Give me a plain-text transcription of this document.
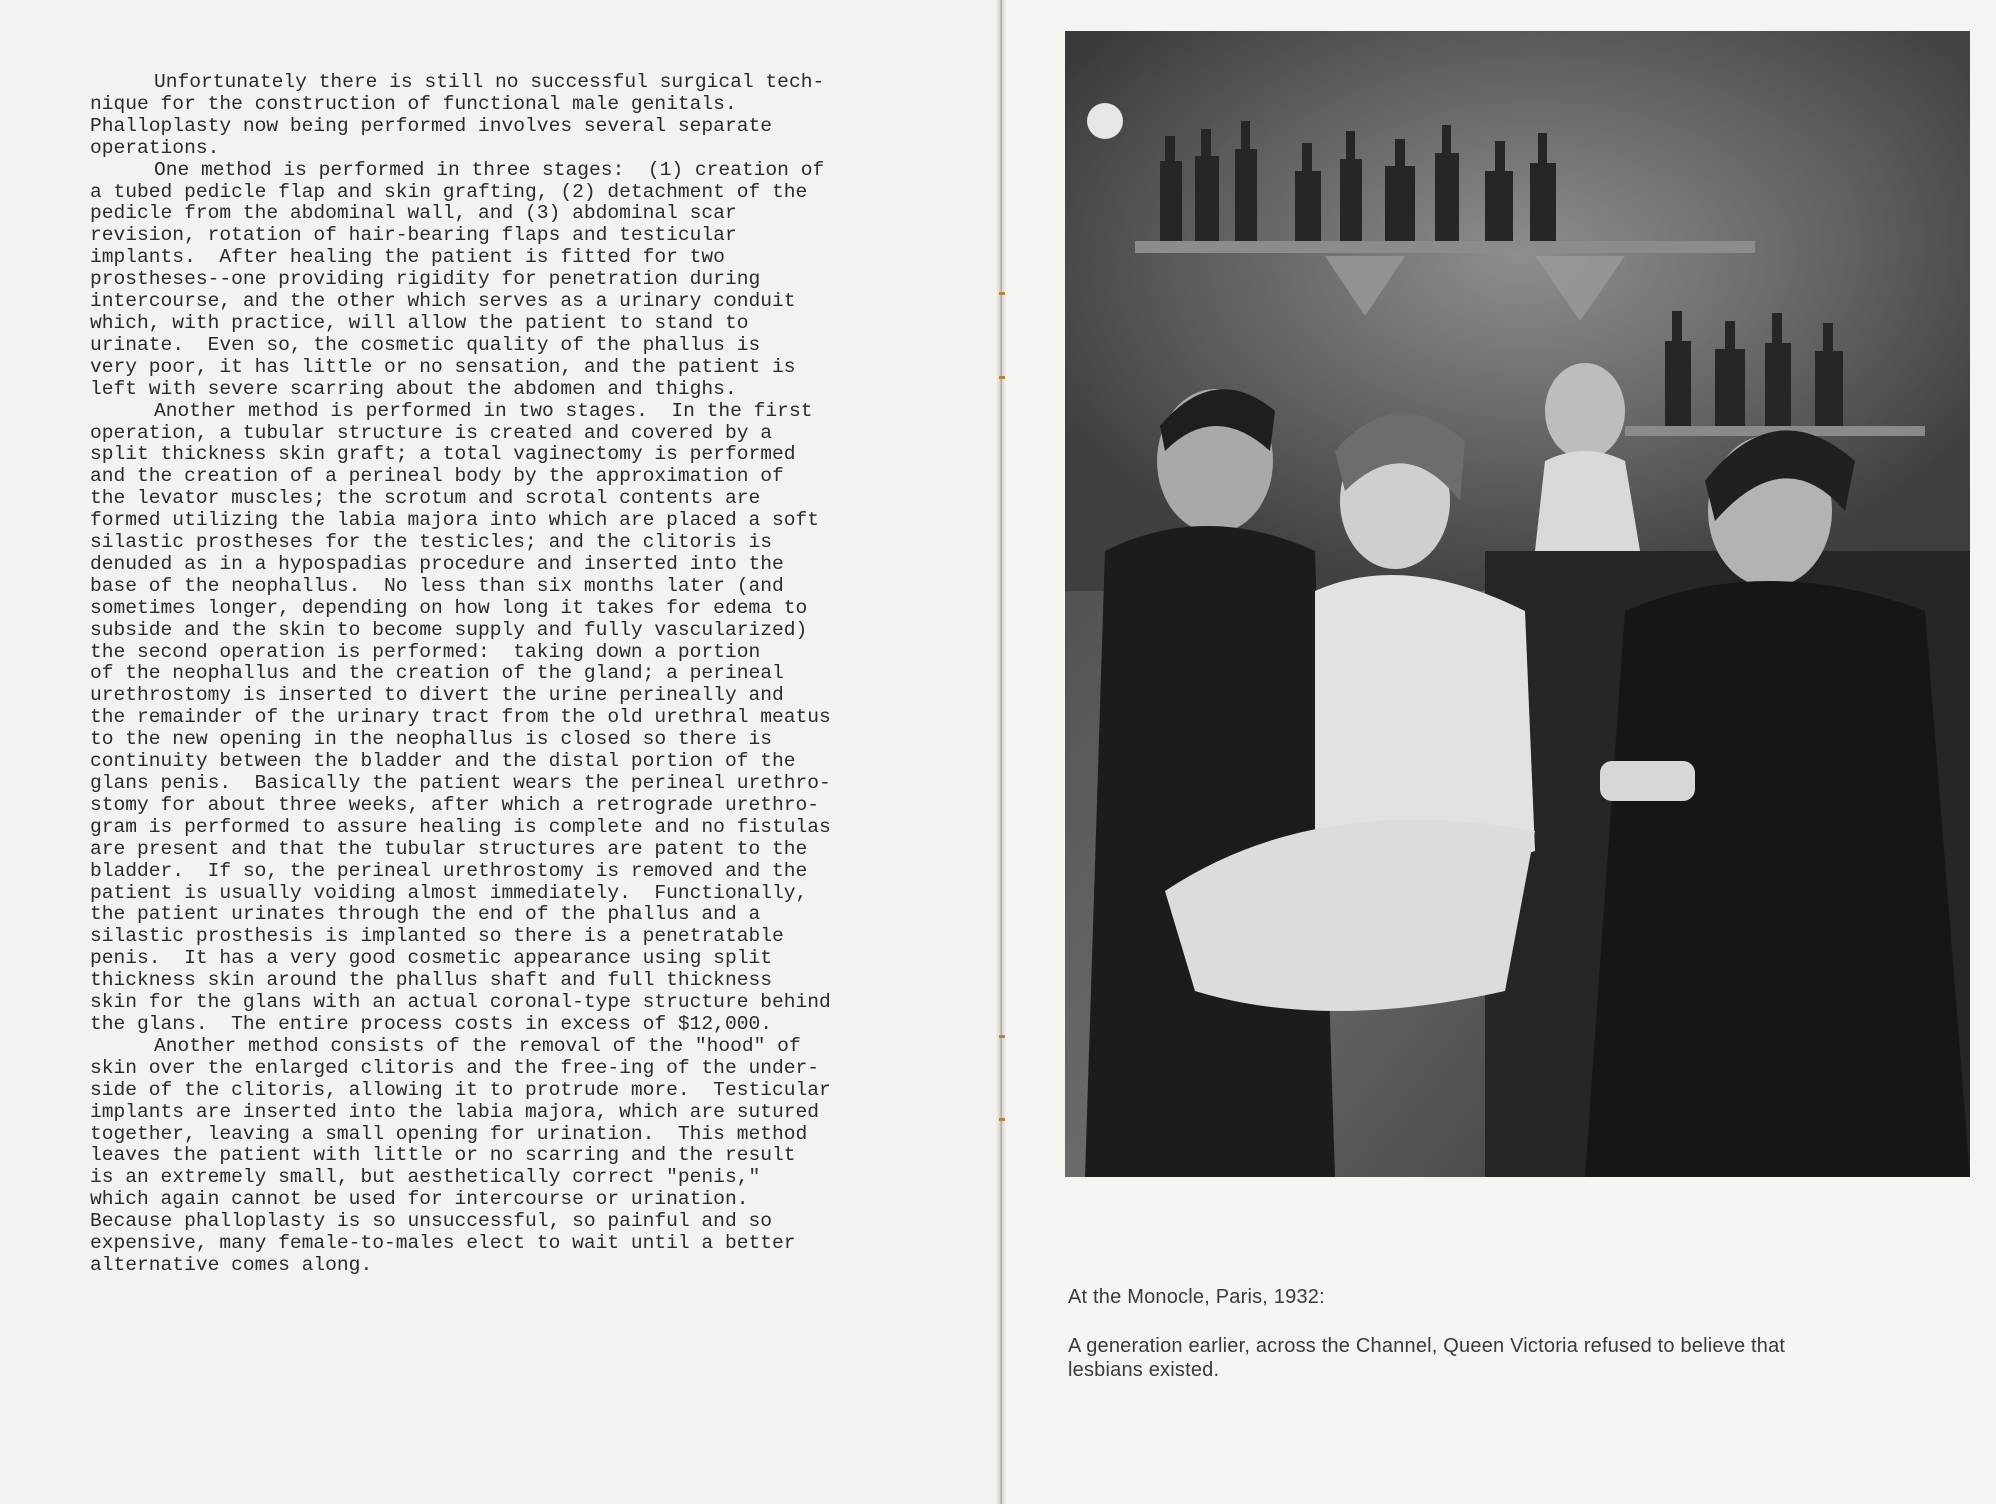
Unfortunately there is still no successful surgical tech-
nique for the construction of functional male genitals.
Phalloplasty now being performed involves several separate
operations.

One method is performed in three stages:  (1) creation of
a tubed pedicle flap and skin grafting, (2) detachment of the
pedicle from the abdominal wall, and (3) abdominal scar
revision, rotation of hair-bearing flaps and testicular
implants.  After healing the patient is fitted for two
prostheses--one providing rigidity for penetration during
intercourse, and the other which serves as a urinary conduit
which, with practice, will allow the patient to stand to
urinate.  Even so, the cosmetic quality of the phallus is
very poor, it has little or no sensation, and the patient is
left with severe scarring about the abdomen and thighs.

Another method is performed in two stages.  In the first
operation, a tubular structure is created and covered by a
split thickness skin graft; a total vaginectomy is performed
and the creation of a perineal body by the approximation of
the levator muscles; the scrotum and scrotal contents are
formed utilizing the labia majora into which are placed a soft
silastic prostheses for the testicles; and the clitoris is
denuded as in a hypospadias procedure and inserted into the
base of the neophallus.  No less than six months later (and
sometimes longer, depending on how long it takes for edema to
subside and the skin to become supply and fully vascularized)
the second operation is performed:  taking down a portion
of the neophallus and the creation of the gland; a perineal
urethrostomy is inserted to divert the urine perineally and
the remainder of the urinary tract from the old urethral meatus
to the new opening in the neophallus is closed so there is
continuity between the bladder and the distal portion of the
glans penis.  Basically the patient wears the perineal urethro-
stomy for about three weeks, after which a retrograde urethro-
gram is performed to assure healing is complete and no fistulas
are present and that the tubular structures are patent to the
bladder.  If so, the perineal urethrostomy is removed and the
patient is usually voiding almost immediately.  Functionally,
the patient urinates through the end of the phallus and a
silastic prosthesis is implanted so there is a penetratable
penis.  It has a very good cosmetic appearance using split
thickness skin around the phallus shaft and full thickness
skin for the glans with an actual coronal-type structure behind
the glans.  The entire process costs in excess of $12,000.

Another method consists of the removal of the "hood" of
skin over the enlarged clitoris and the free-ing of the under-
side of the clitoris, allowing it to protrude more.  Testicular
implants are inserted into the labia majora, which are sutured
together, leaving a small opening for urination.  This method
leaves the patient with little or no scarring and the result
is an extremely small, but aesthetically correct "penis,"
which again cannot be used for intercourse or urination.
Because phalloplasty is so unsuccessful, so painful and so
expensive, many female-to-males elect to wait until a better
alternative comes along.

At the Monocle, Paris, 1932:
A generation earlier, across the Channel, Queen Victoria refused to believe that
lesbians existed.
